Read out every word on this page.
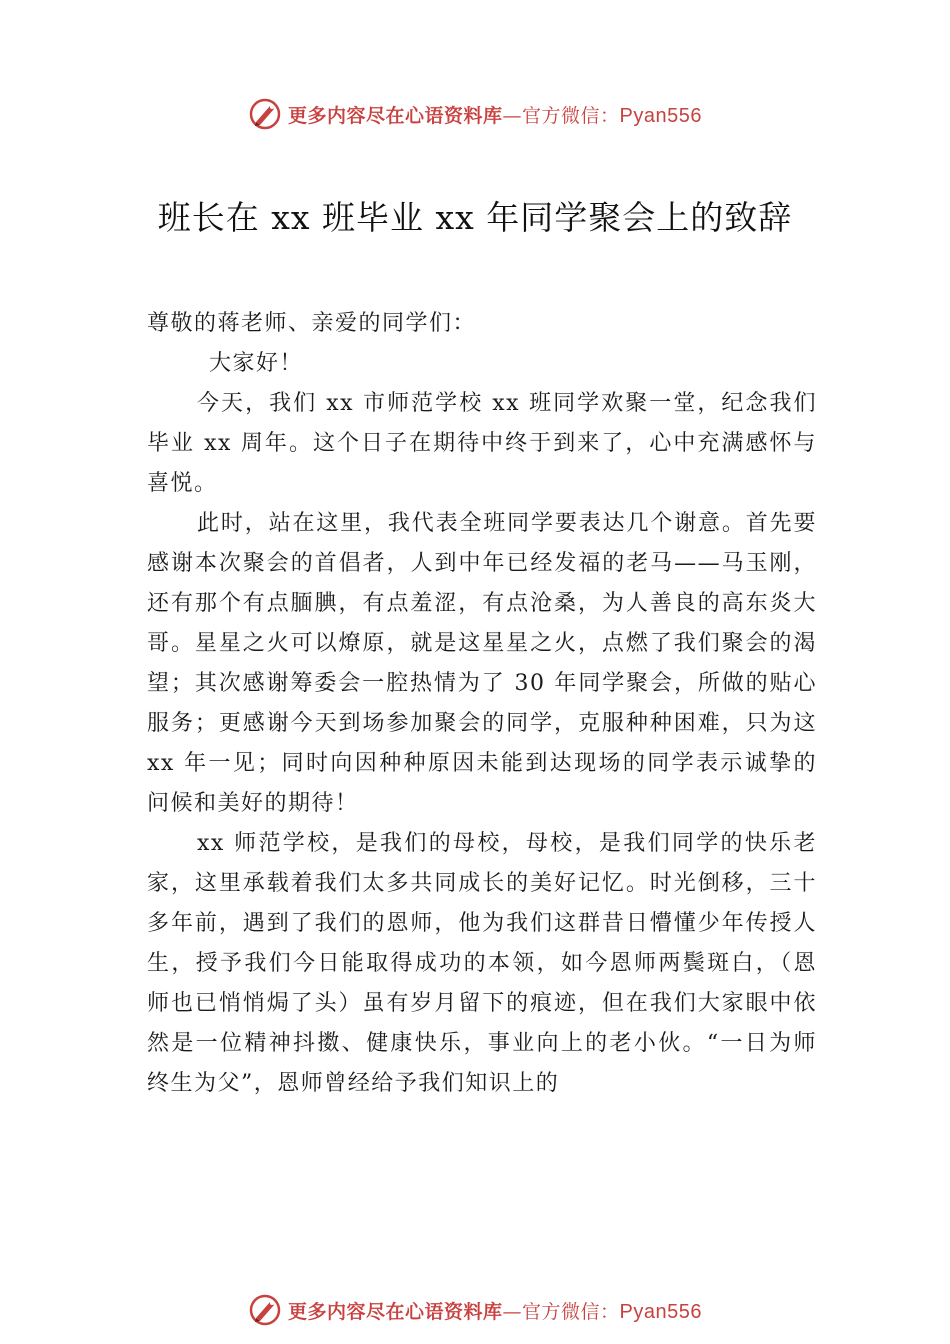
更多内容尽在心语资料库—官方微信：Pyan556
班长在 xx 班毕业 xx 年同学聚会上的致辞

尊敬的蒋老师、亲爱的同学们：

大家好！

今天，我们 xx 市师范学校 xx 班同学欢聚一堂，纪念我们毕业 xx 周年。这个日子在期待中终于到来了，心中充满感怀与喜悦。

此时，站在这里，我代表全班同学要表达几个谢意。首先要感谢本次聚会的首倡者，人到中年已经发福的老马——马玉刚，还有那个有点腼腆，有点羞涩，有点沧桑，为人善良的高东炎大哥。星星之火可以燎原，就是这星星之火，点燃了我们聚会的渴望；其次感谢筹委会一腔热情为了 30 年同学聚会，所做的贴心服务；更感谢今天到场参加聚会的同学，克服种种困难，只为这 xx 年一见；同时向因种种原因未能到达现场的同学表示诚挚的问候和美好的期待！

xx 师范学校，是我们的母校，母校，是我们同学的快乐老家，这里承载着我们太多共同成长的美好记忆。时光倒移，三十多年前，遇到了我们的恩师，他为我们这群昔日懵懂少年传授人生，授予我们今日能取得成功的本领，如今恩师两鬓斑白，（恩师也已悄悄焗了头）虽有岁月留下的痕迹，但在我们大家眼中依然是一位精神抖擞、健康快乐，事业向上的老小伙。“一日为师终生为父”，恩师曾经给予我们知识上的

更多内容尽在心语资料库—官方微信：Pyan556
